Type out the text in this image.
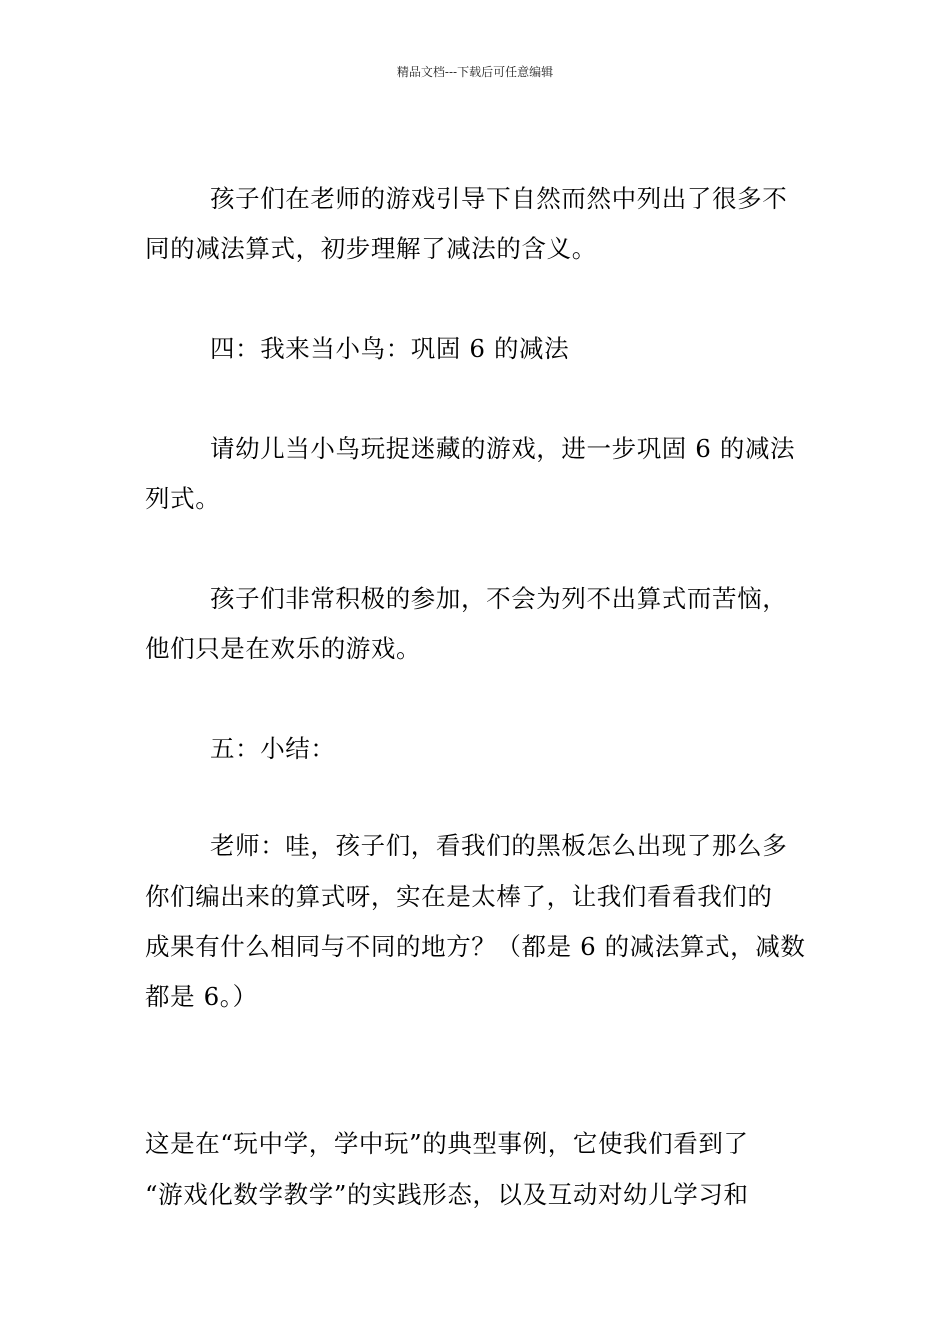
精品文档---下载后可任意编辑
孩子们在老师的游戏引导下自然而然中列出了很多不
同的减法算式，初步理解了减法的含义。
四：我来当小鸟：巩固 6 的减法
请幼儿当小鸟玩捉迷藏的游戏，进一步巩固 6 的减法
列式。
孩子们非常积极的参加，不会为列不出算式而苦恼，
他们只是在欢乐的游戏。
五：小结：
老师：哇，孩子们，看我们的黑板怎么出现了那么多
你们编出来的算式呀，实在是太棒了，让我们看看我们的
成果有什么相同与不同的地方？（都是 6 的减法算式，减数
都是 6。）
这是在“玩中学，学中玩”的典型事例，它使我们看到了
“游戏化数学教学”的实践形态，以及互动对幼儿学习和
